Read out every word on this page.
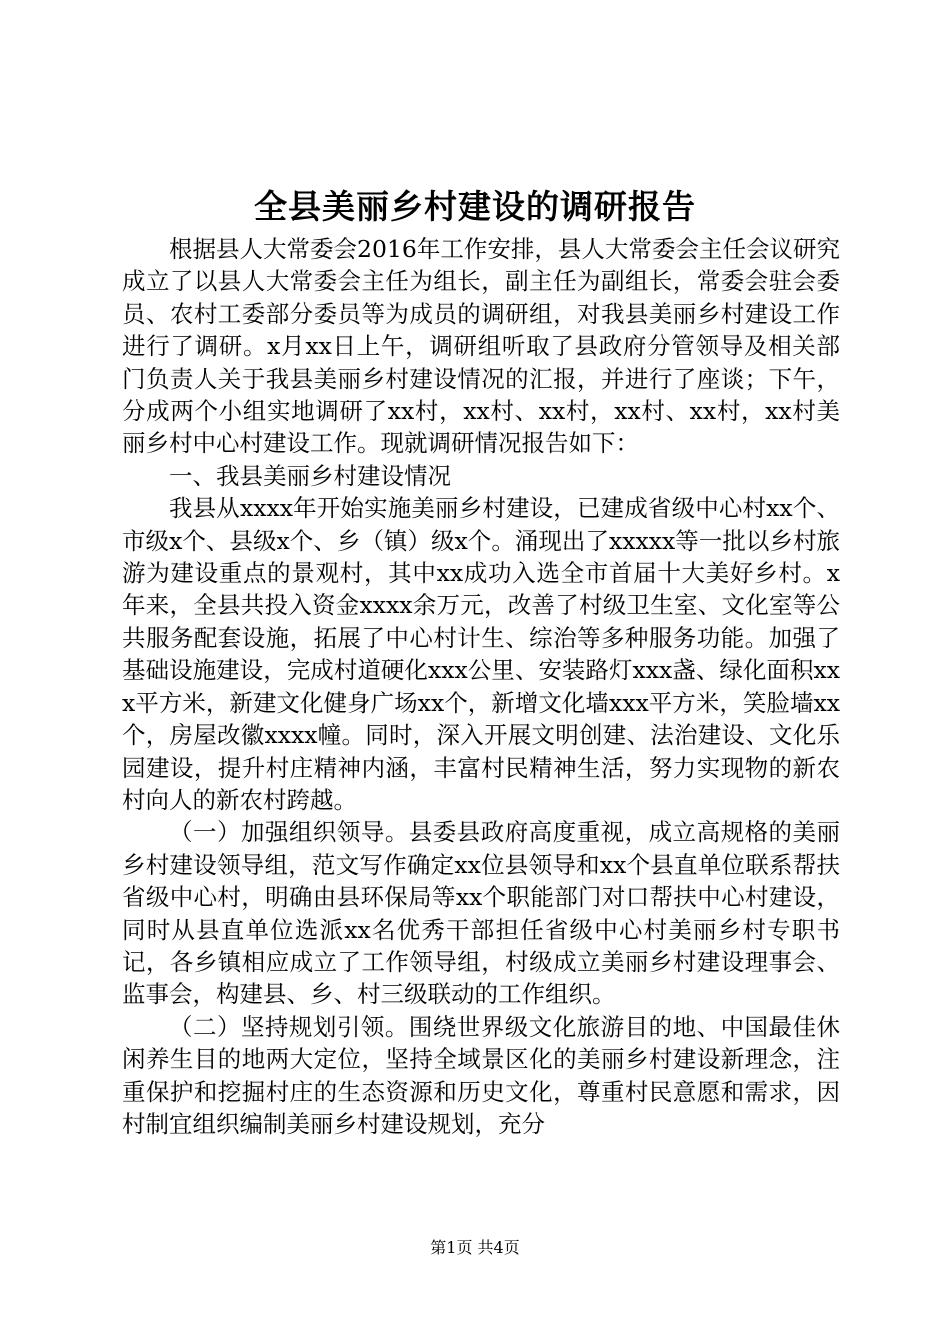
全县美丽乡村建设的调研报告

根据县人大常委会2016年工作安排，县人大常委会主任会议研究成立了以县人大常委会主任为组长，副主任为副组长，常委会驻会委员、农村工委部分委员等为成员的调研组，对我县美丽乡村建设工作进行了调研。x月xx日上午，调研组听取了县政府分管领导及相关部门负责人关于我县美丽乡村建设情况的汇报，并进行了座谈；下午，分成两个小组实地调研了xx村，xx村、xx村，xx村、xx村，xx村美丽乡村中心村建设工作。现就调研情况报告如下：

一、我县美丽乡村建设情况

我县从xxxx年开始实施美丽乡村建设，已建成省级中心村xx个、市级x个、县级x个、乡（镇）级x个。涌现出了xxxxx等一批以乡村旅游为建设重点的景观村，其中xx成功入选全市首届十大美好乡村。x年来，全县共投入资金xxxx余万元，改善了村级卫生室、文化室等公共服务配套设施，拓展了中心村计生、综治等多种服务功能。加强了基础设施建设，完成村道硬化xxx公里、安装路灯xxx盏、绿化面积xxx平方米，新建文化健身广场xx个，新增文化墙xxx平方米，笑脸墙xx个，房屋改徽xxxx幢。同时，深入开展文明创建、法治建设、文化乐园建设，提升村庄精神内涵，丰富村民精神生活，努力实现物的新农村向人的新农村跨越。

（一）加强组织领导。县委县政府高度重视，成立高规格的美丽乡村建设领导组，范文写作确定xx位县领导和xx个县直单位联系帮扶省级中心村，明确由县环保局等xx个职能部门对口帮扶中心村建设，同时从县直单位选派xx名优秀干部担任省级中心村美丽乡村专职书记，各乡镇相应成立了工作领导组，村级成立美丽乡村建设理事会、监事会，构建县、乡、村三级联动的工作组织。

（二）坚持规划引领。围绕世界级文化旅游目的地、中国最佳休闲养生目的地两大定位，坚持全域景区化的美丽乡村建设新理念，注重保护和挖掘村庄的生态资源和历史文化，尊重村民意愿和需求，因村制宜组织编制美丽乡村建设规划，充分

第1页 共4页
